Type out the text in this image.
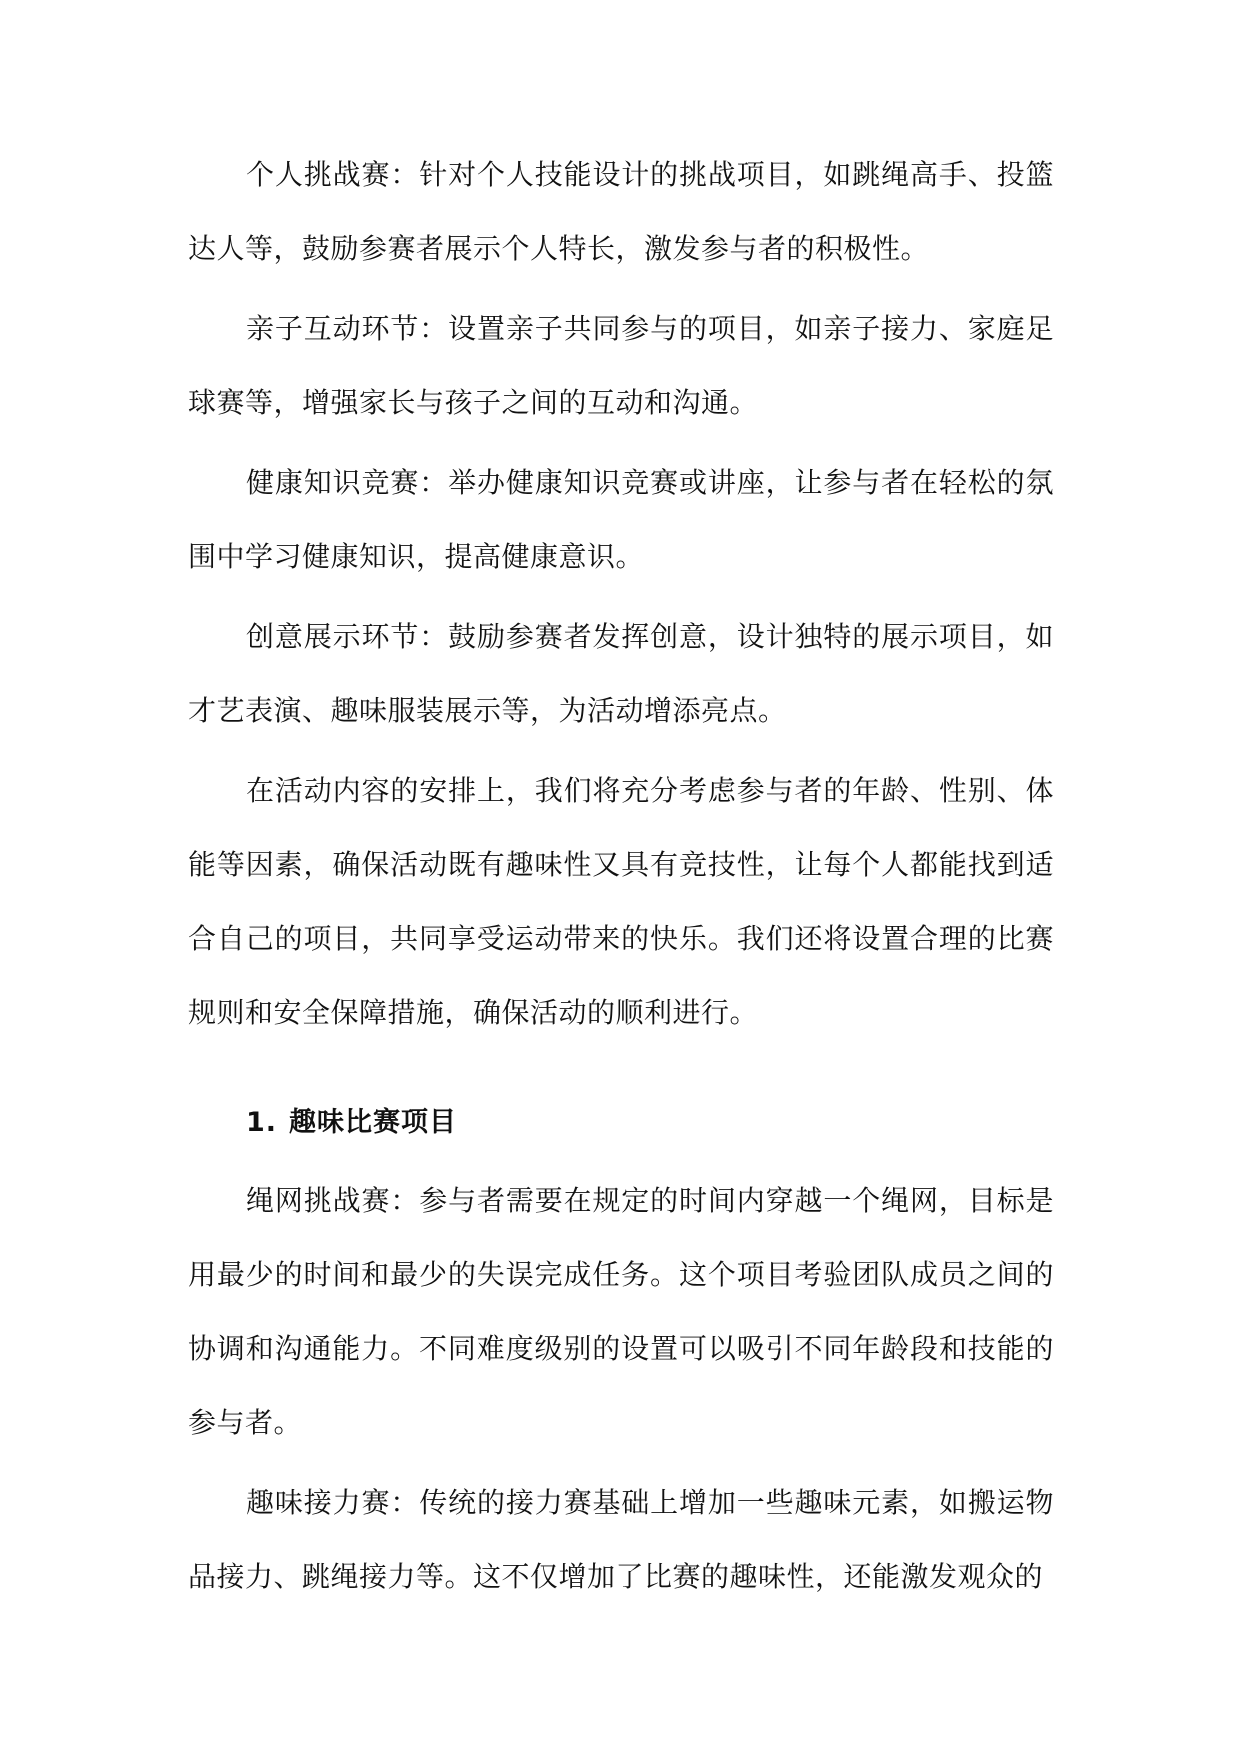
个人挑战赛：针对个人技能设计的挑战项目，如跳绳高手、投篮达人等，鼓励参赛者展示个人特长，激发参与者的积极性。

亲子互动环节：设置亲子共同参与的项目，如亲子接力、家庭足球赛等，增强家长与孩子之间的互动和沟通。

健康知识竞赛：举办健康知识竞赛或讲座，让参与者在轻松的氛围中学习健康知识，提高健康意识。

创意展示环节：鼓励参赛者发挥创意，设计独特的展示项目，如才艺表演、趣味服装展示等，为活动增添亮点。

在活动内容的安排上，我们将充分考虑参与者的年龄、性别、体能等因素，确保活动既有趣味性又具有竞技性，让每个人都能找到适合自己的项目，共同享受运动带来的快乐。我们还将设置合理的比赛规则和安全保障措施，确保活动的顺利进行。

1. 趣味比赛项目

绳网挑战赛：参与者需要在规定的时间内穿越一个绳网，目标是用最少的时间和最少的失误完成任务。这个项目考验团队成员之间的协调和沟通能力。不同难度级别的设置可以吸引不同年龄段和技能的参与者。

趣味接力赛：传统的接力赛基础上增加一些趣味元素，如搬运物品接力、跳绳接力等。这不仅增加了比赛的趣味性，还能激发观众的
